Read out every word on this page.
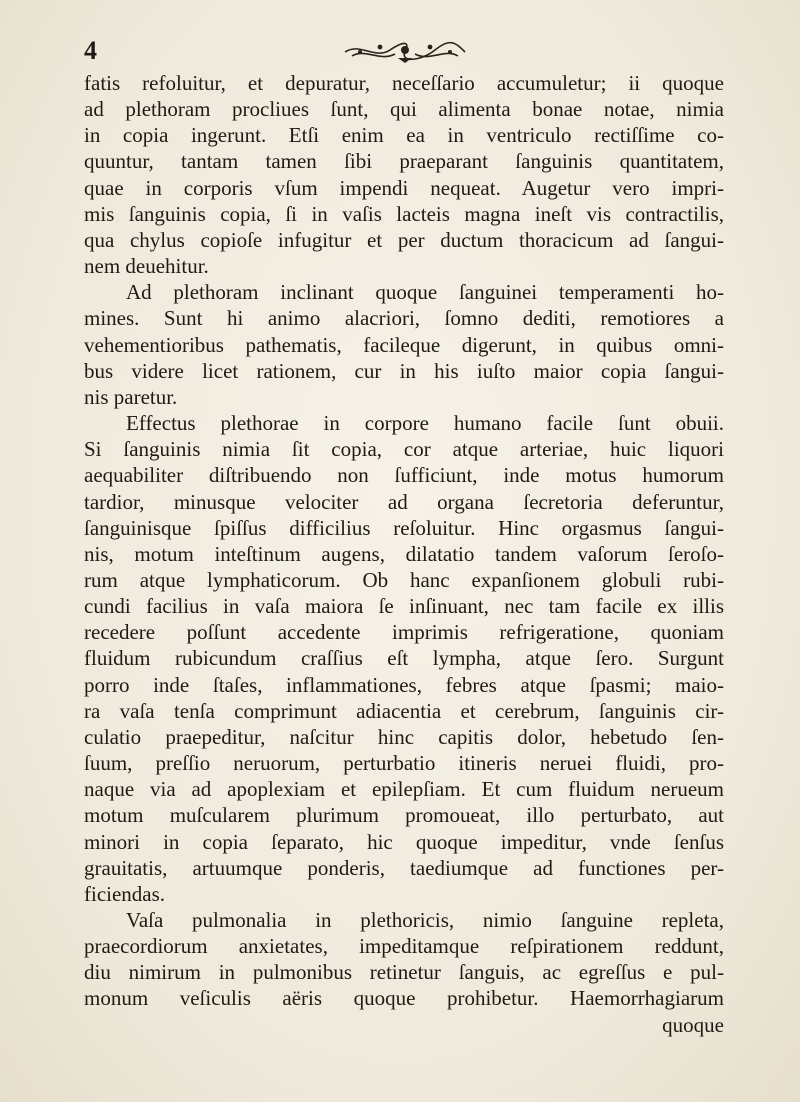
4
fatis refoluitur, et depuratur, neceſſario accumuletur; ii quoque
ad plethoram procliues ſunt, qui alimenta bonae notae, nimia
in copia ingerunt. Etſi enim ea in ventriculo rectiſſime co-
quuntur, tantam tamen ſibi praeparant ſanguinis quantitatem,
quae in corporis vſum impendi nequeat. Augetur vero impri-
mis ſanguinis copia, ſi in vaſis lacteis magna ineſt vis contractilis,
qua chylus copioſe infugitur et per ductum thoracicum ad ſangui-
nem deuehitur.
Ad plethoram inclinant quoque ſanguinei temperamenti ho-
mines. Sunt hi animo alacriori, ſomno dediti, remotiores a
vehementioribus pathematis, facileque digerunt, in quibus omni-
bus videre licet rationem, cur in his iuſto maior copia ſangui-
nis paretur.
Effectus plethorae in corpore humano facile ſunt obuii.
Si ſanguinis nimia ſit copia, cor atque arteriae, huic liquori
aequabiliter diſtribuendo non ſufficiunt, inde motus humorum
tardior, minusque velociter ad organa ſecretoria deferuntur,
ſanguinisque ſpiſſus difficilius reſoluitur. Hinc orgasmus ſangui-
nis, motum inteſtinum augens, dilatatio tandem vaſorum ſeroſo-
rum atque lymphaticorum. Ob hanc expanſionem globuli rubi-
cundi facilius in vaſa maiora ſe inſinuant, nec tam facile ex illis
recedere poſſunt accedente imprimis refrigeratione, quoniam
fluidum rubicundum craſſius eſt lympha, atque ſero. Surgunt
porro inde ſtaſes, inflammationes, febres atque ſpasmi; maio-
ra vaſa tenſa comprimunt adiacentia et cerebrum, ſanguinis cir-
culatio praepeditur, naſcitur hinc capitis dolor, hebetudo ſen-
ſuum, preſſio neruorum, perturbatio itineris neruei fluidi, pro-
naque via ad apoplexiam et epilepſiam. Et cum fluidum nerueum
motum muſcularem plurimum promoueat, illo perturbato, aut
minori in copia ſeparato, hic quoque impeditur, vnde ſenſus
grauitatis, artuumque ponderis, taediumque ad functiones per-
ficiendas.
Vaſa pulmonalia in plethoricis, nimio ſanguine repleta,
praecordiorum anxietates, impeditamque reſpirationem reddunt,
diu nimirum in pulmonibus retinetur ſanguis, ac egreſſus e pul-
monum veſiculis aëris quoque prohibetur. Haemorrhagiarum
quoque
